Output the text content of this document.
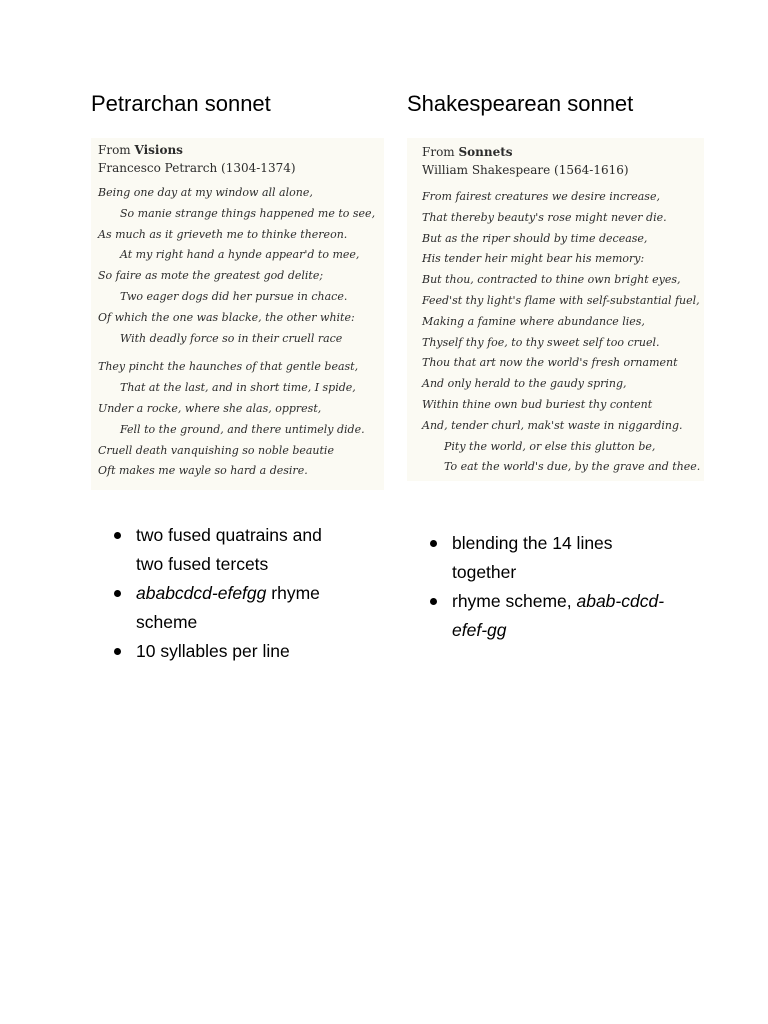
Petrarchan sonnet
From Visions
Francesco Petrarch (1304-1374)
Being one day at my window all alone,
So manie strange things happened me to see,
As much as it grieveth me to thinke thereon.
At my right hand a hynde appear'd to mee,
So faire as mote the greatest god delite;
Two eager dogs did her pursue in chace.
Of which the one was blacke, the other white:
With deadly force so in their cruell race
They pincht the haunches of that gentle beast,
That at the last, and in short time, I spide,
Under a rocke, where she alas, opprest,
Fell to the ground, and there untimely dide.
Cruell death vanquishing so noble beautie
Oft makes me wayle so hard a desire.
two fused quatrains and two fused tercets
ababcdcd-efefgg rhyme scheme
10 syllables per line
Shakespearean sonnet
From Sonnets
William Shakespeare (1564-1616)
From fairest creatures we desire increase,
That thereby beauty's rose might never die.
But as the riper should by time decease,
His tender heir might bear his memory:
But thou, contracted to thine own bright eyes,
Feed'st thy light's flame with self-substantial fuel,
Making a famine where abundance lies,
Thyself thy foe, to thy sweet self too cruel.
Thou that art now the world's fresh ornament
And only herald to the gaudy spring,
Within thine own bud buriest thy content
And, tender churl, mak'st waste in niggarding.
Pity the world, or else this glutton be,
To eat the world's due, by the grave and thee.
blending the 14 lines together
rhyme scheme, abab-cdcd-efef-gg
